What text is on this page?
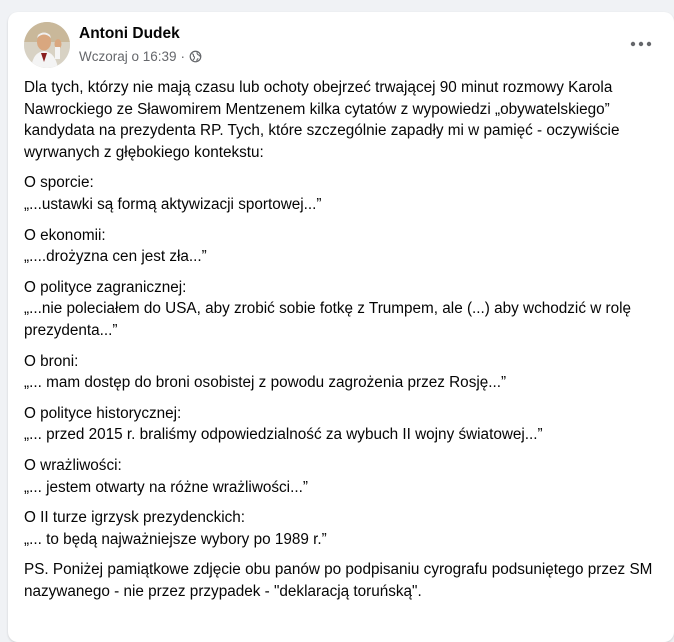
Antoni Dudek
Wczoraj o 16:39 ·

Dla tych, którzy nie mają czasu lub ochoty obejrzeć trwającej 90 minut rozmowy Karola Nawrockiego ze Sławomirem Mentzenem kilka cytatów z wypowiedzi „obywatelskiego” kandydata na prezydenta RP. Tych, które szczególnie zapadły mi w pamięć - oczywiście wyrwanych z głębokiego kontekstu:

O sporcie:
„...ustawki są formą aktywizacji sportowej...”
O ekonomii:
„....drożyzna cen jest zła...”
O polityce zagranicznej:
„...nie poleciałem do USA, aby zrobić sobie fotkę z Trumpem, ale (...) aby wchodzić w rolę prezydenta...”
O broni:
„... mam dostęp do broni osobistej z powodu zagrożenia przez Rosję...”
O polityce historycznej:
„... przed 2015 r. braliśmy odpowiedzialność za wybuch II wojny światowej...”
O wrażliwości:
„... jestem otwarty na różne wrażliwości...”
O II turze igrzysk prezydenckich:
„... to będą najważniejsze wybory po 1989 r.”

PS. Poniżej pamiątkowe zdjęcie obu panów po podpisaniu cyrografu podsuniętego przez SM nazywanego - nie przez przypadek - "deklaracją toruńską".
